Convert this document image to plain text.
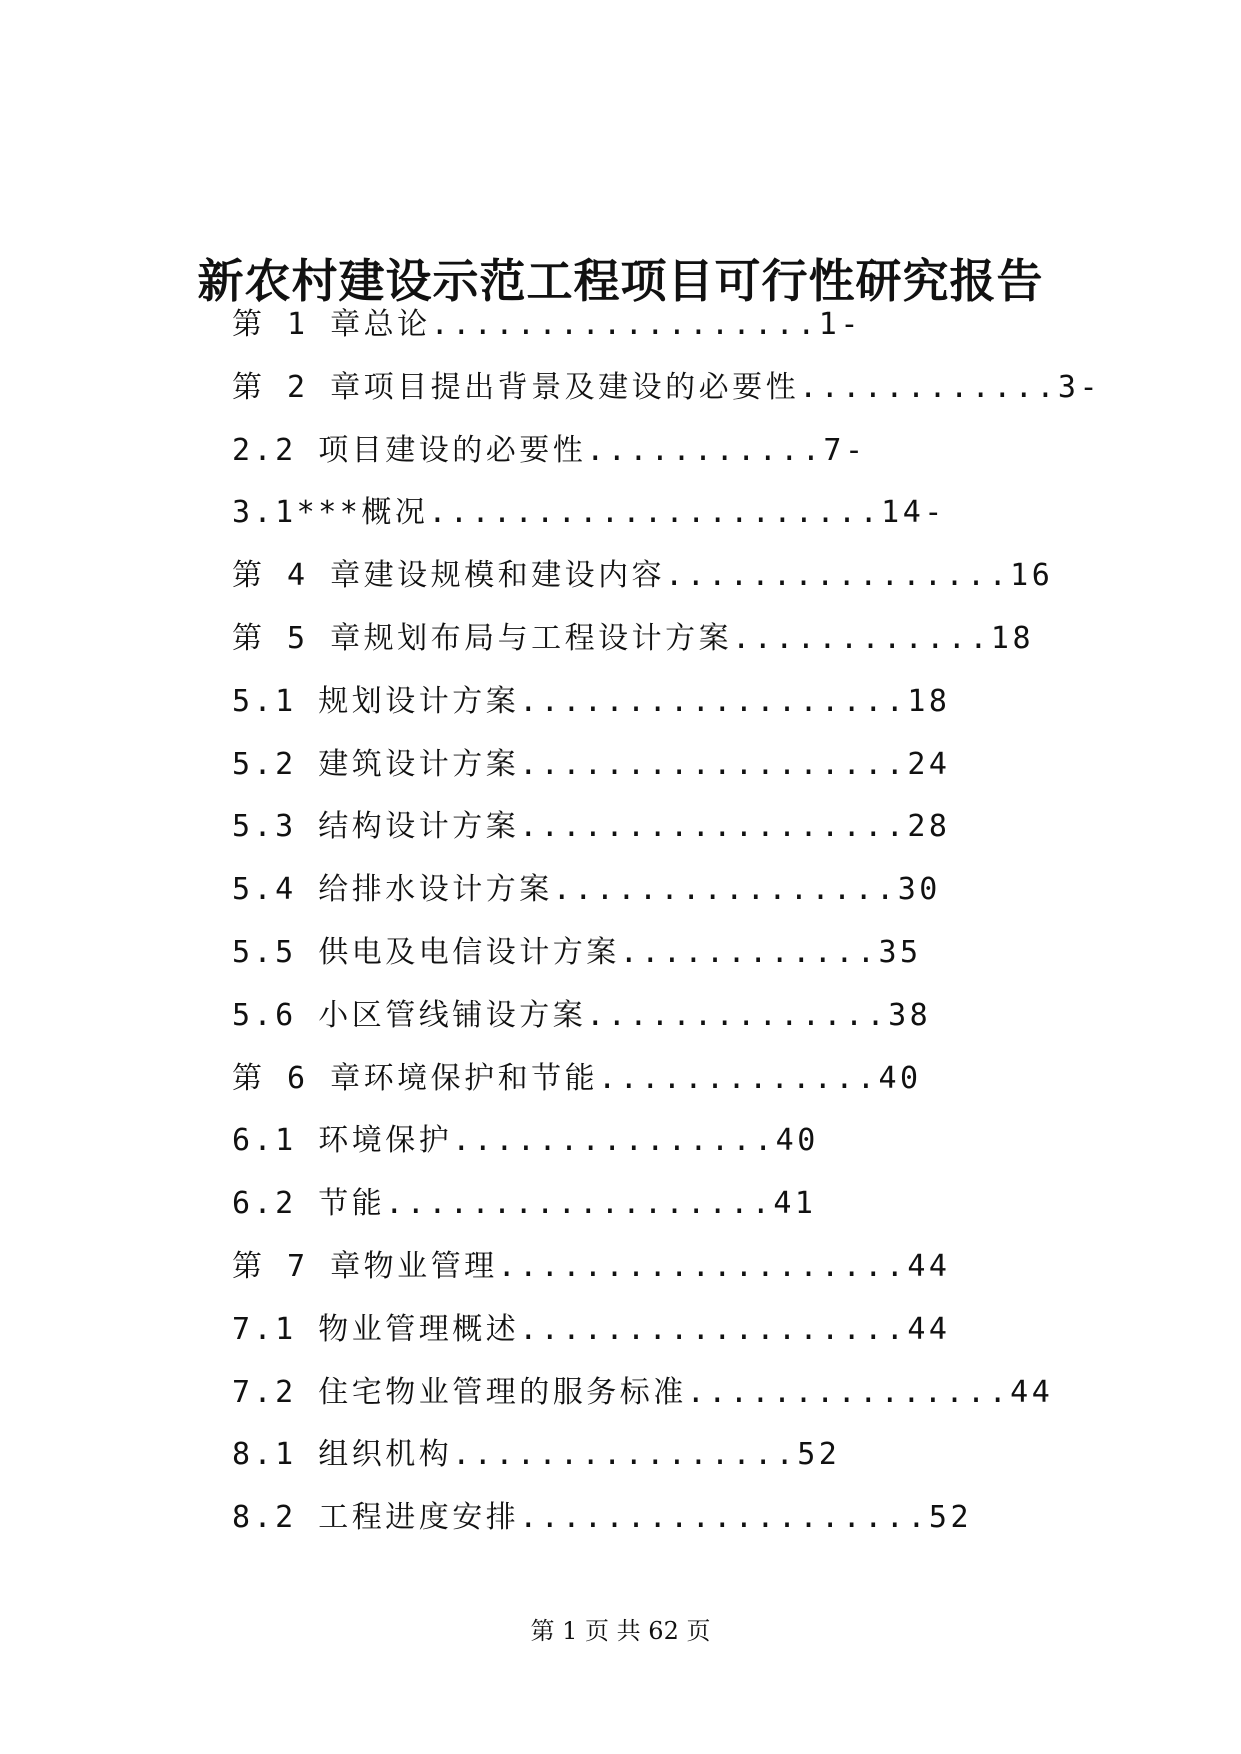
新农村建设示范工程项目可行性研究报告
第 1 章总论..................1-
第 2 章项目提出背景及建设的必要性............3-
2.2 项目建设的必要性...........7-
3.1***概况.....................14-
第 4 章建设规模和建设内容................16
第 5 章规划布局与工程设计方案............18
5.1 规划设计方案..................18
5.2 建筑设计方案..................24
5.3 结构设计方案..................28
5.4 给排水设计方案................30
5.5 供电及电信设计方案............35
5.6 小区管线铺设方案..............38
第 6 章环境保护和节能.............40
6.1 环境保护...............40
6.2 节能..................41
第 7 章物业管理...................44
7.1 物业管理概述..................44
7.2 住宅物业管理的服务标准...............44
8.1 组织机构................52
8.2 工程进度安排...................52
第 1 页 共 62 页
